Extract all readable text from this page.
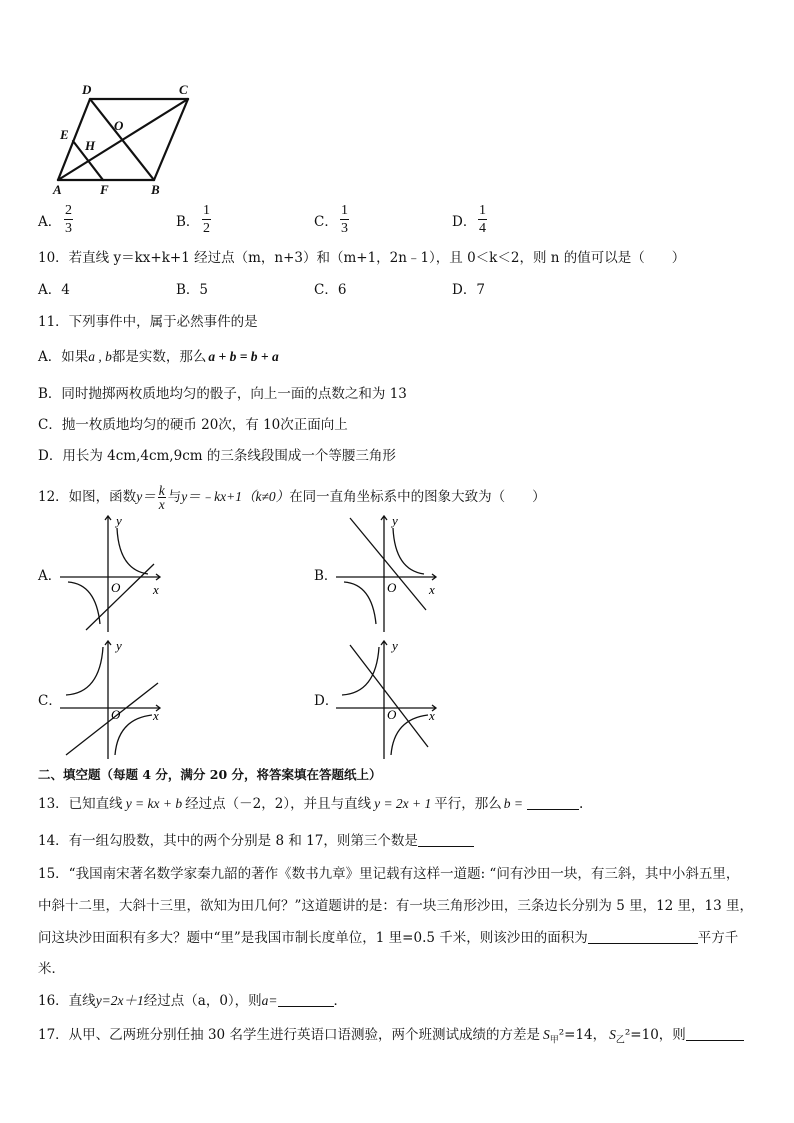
D	C
E
H
O
A	F	B
A．
2
3	B．
1
2	C．
1
3	D．
1
4
10．若直线 y＝kx+k+1 经过点（m，n+3）和（m+1，2n﹣1），且 0＜k＜2，则 n 的值可以是（　　）
A．4	B．5	C．6	D．7
11．下列事件中，属于必然事件的是
A．如果a , b都是实数，那么 a + b = b + a
B．同时抛掷两枚质地均匀的骰子，向上一面的点数之和为 13
C．抛一枚质地均匀的硬币 20次，有 10次正面向上
D．用长为 4cm,4cm,9cm 的三条线段围成一个等腰三角形
12．如图，函数$y= \frac{k}{x}$ 与y＝﹣kx+1（k≠0）在同一直角坐标系中的图象大致为（　　）
A．
y
x
O
B．
y
x
O
C．
y
x
O
D．
y
x
O
二、填空题（每题 4 分，满分 20 分，将答案填在答题纸上）
13．已知直线 y = kx + b 经过点（－2，2），并且与直线 y = 2x + 1 平行，那么 b =	.
14．有一组勾股数，其中的两个分别是 8 和 17，则第三个数是
15．“我国南宋著名数学家秦九韶的著作《数书九章》里记载有这样一道题: “问有沙田一块，有三斜，其中小斜五里，
中斜十二里，大斜十三里，欲知为田几何？”这道题讲的是：有一块三角形沙田，三条边长分别为 5 里，12 里，13 里，
问这块沙田面积有多大？题中“里”是我国市制长度单位，1 里=0.5 千米，则该沙田的面积为	平方千
米．
16．直线y=2x＋1经过点（a，0），则a=	．
17．从甲、乙两班分别任抽 30 名学生进行英语口语测验，两个班测试成绩的方差是 $S_甲^2=14$， $S_乙^2=10$，则
